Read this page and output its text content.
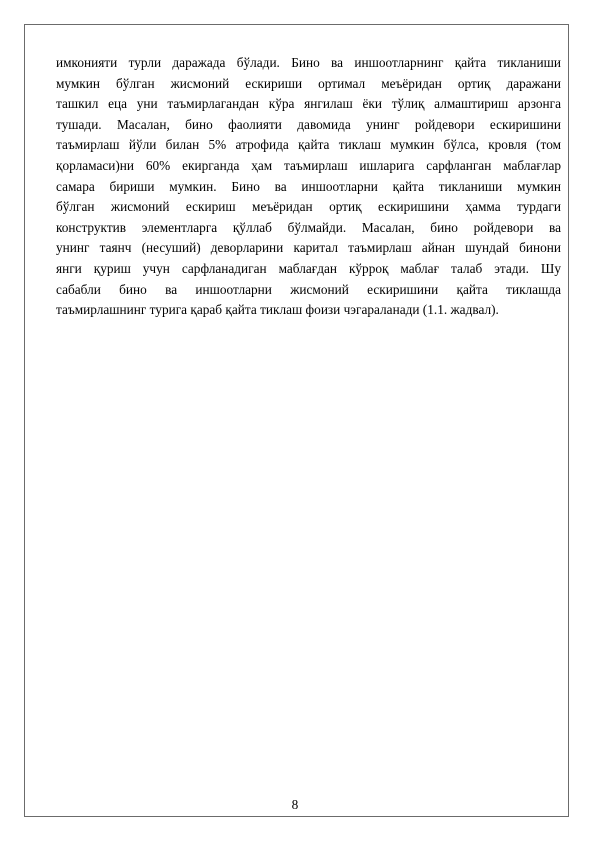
имконияти турли даражада бўлади. Бино ва иншоотларнинг қайта тикланиши
мумкин бўлган жисмоний ескириши ортимал меъёридан ортиқ даражани
ташкил еца уни таъмирлагандан кўра янгилаш ёки тўлиқ алмаштириш арзонга
тушади. Масалан, бино фаолияти давомида унинг ройдевори ескиришини
таъмирлаш йўли билан 5% атрофида қайта тиклаш мумкин бўлса, кровля (том
қорламаси)ни 60% екирганда ҳам таъмирлаш ишларига сарфланган маблағлар
самара бириши мумкин. Бино ва иншоотларни қайта тикланиши мумкин
бўлган жисмоний ескириш меъёридан ортиқ ескиришини ҳамма турдаги
конструктив элементларга қўллаб бўлмайди. Масалан, бино ройдевори ва
унинг таянч (несуший) деворларини каритал таъмирлаш айнан шундай бинони
янги қуриш учун сарфланадиган маблағдан кўрроқ маблағ талаб этади. Шу
сабабли бино ва иншоотларни жисмоний ескиришини қайта тиклашда
таъмирлашнинг турига қараб қайта тиклаш фоизи чэгараланади (1.1. жадвал).
8
